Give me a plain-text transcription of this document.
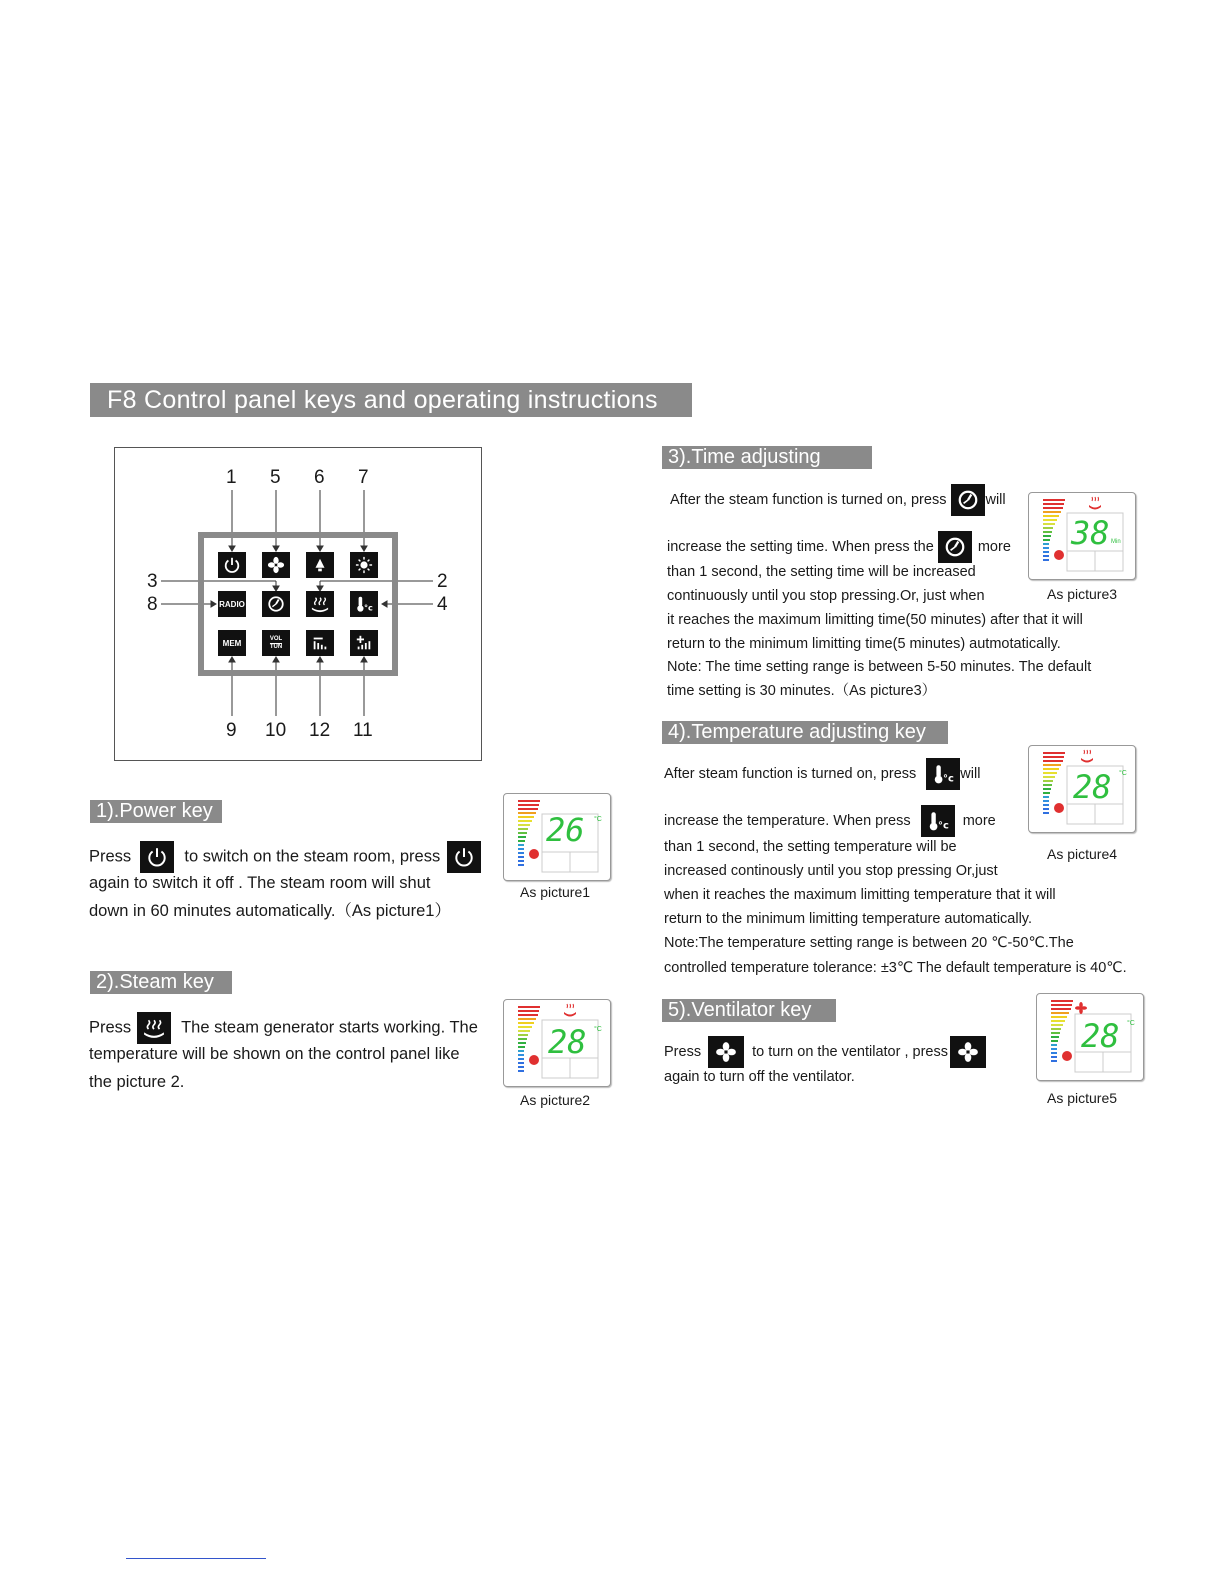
F8 Control panel keys and operating instructions
1 5 6 7
9 10 12 11
3
8
2
4
RADIO	°c
MEM	VOL
TUN
1).Power key
Press	to switch on the steam room, press
again to switch it off . The steam room will shut
down in 60 minutes automatically.（As picture1）
26 °C
As picture1
2).Steam key
Press	The steam generator starts working. The
temperature will be shown on the control panel like
the picture 2.
28 °C
As picture2
3).Time adjusting
After the steam function is turned on, press	will
increase the setting time. When press the	more
than 1 second, the setting time will be increased
continuously until you stop pressing.Or, just when
it reaches the maximum limitting time(50 minutes) after that it will
return to the minimum limitting time(5 minutes) autmotatically.
Note: The time setting range is between 5-50 minutes. The default
time setting is 30 minutes.（As picture3）
38 Min
As picture3
4).Temperature adjusting key
After steam function is turned on, press	°c will
increase the temperature. When press	°c more
than 1 second, the setting temperature will be
increased continously until you stop pressing Or,just
when it reaches the maximum limitting temperature that it will
return to the minimum limitting temperature automatically.
Note:The temperature setting range is between 20 ℃-50℃.The
controlled temperature tolerance: ±3℃ The default temperature is 40℃.
28 °C
As picture4
5).Ventilator key
Press	to turn on the ventilator , press
again to turn off the ventilator.
28 °C
As picture5
